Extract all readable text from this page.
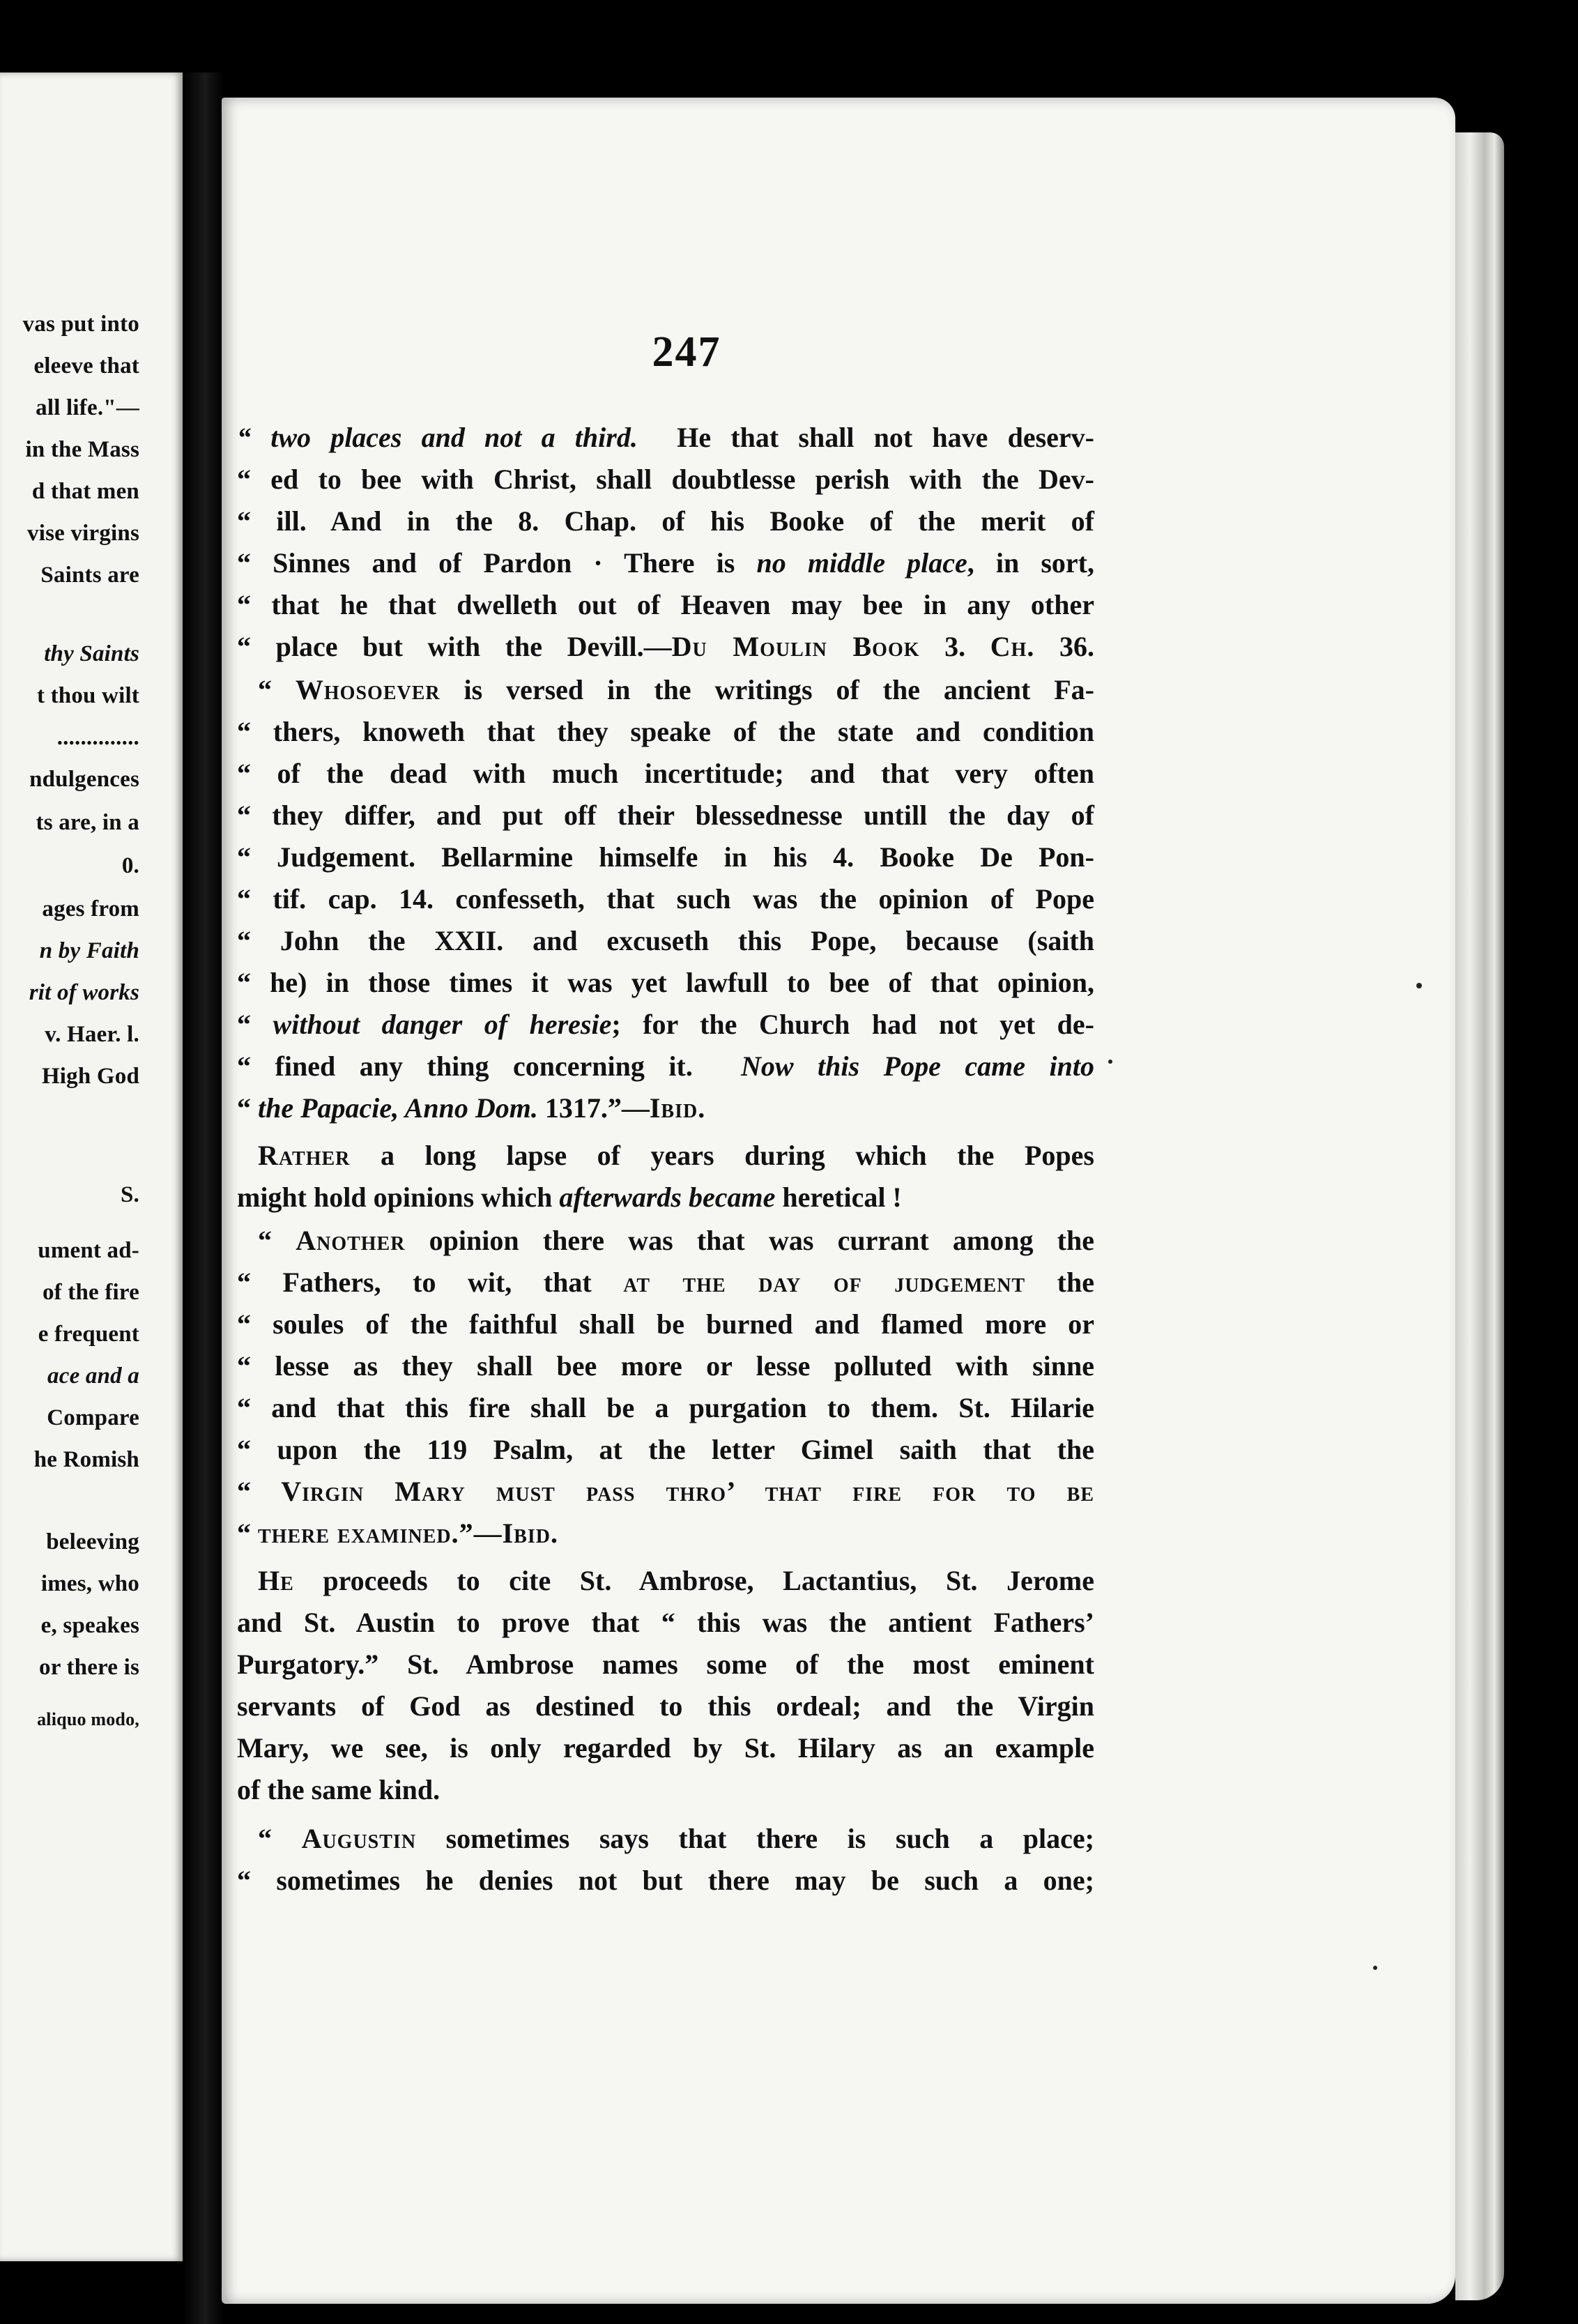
vas put into
eleeve that
all life."—
in the Mass
d that men
vise virgins
Saints are
thy Saints
t thou wilt
..............
ndulgences
ts are, in a
0.
ages from
n by Faith
rit of works
v. Haer. l.
High God
S.
ument ad-
of the fire
e frequent
ace and a
Compare
he Romish
beleeving
imes, who
e, speakes
or there is
aliquo modo,
247
“ two places and not a third.  He that shall not have deserv-
“ ed to bee with Christ, shall doubtlesse perish with the Dev-
“ ill. And in the 8. Chap. of his Booke of the merit of
“ Sinnes and of Pardon · There is no middle place, in sort,
“ that he that dwelleth out of Heaven may bee in any other
“ place but with the Devill.—Du Moulin Book 3. Ch. 36.
“ Whosoever is versed in the writings of the ancient Fa-
“ thers, knoweth that they speake of the state and condition
“ of the dead with much incertitude; and that very often
“ they differ, and put off their blessednesse untill the day of
“ Judgement. Bellarmine himselfe in his 4. Booke De Pon-
“ tif. cap. 14. confesseth, that such was the opinion of Pope
“ John the XXII. and excuseth this Pope, because (saith
“ he) in those times it was yet lawfull to bee of that opinion,
“ without danger of heresie; for the Church had not yet de-
“ fined any thing concerning it.  Now this Pope came into
“ the Papacie, Anno Dom. 1317.”—Ibid.
Rather a long lapse of years during which the Popes
might hold opinions which afterwards became heretical !
“ Another opinion there was that was currant among the
“ Fathers, to wit, that at the day of judgement the
“ soules of the faithful shall be burned and flamed more or
“ lesse as they shall bee more or lesse polluted with sinne
“ and that this fire shall be a purgation to them. St. Hilarie
“ upon the 119 Psalm, at the letter Gimel saith that the
“ Virgin Mary must pass thro’ that fire for to be
“ there examined.”—Ibid.
He proceeds to cite St. Ambrose, Lactantius, St. Jerome
and St. Austin to prove that “ this was the antient Fathers’
Purgatory.” St. Ambrose names some of the most eminent
servants of God as destined to this ordeal; and the Virgin
Mary, we see, is only regarded by St. Hilary as an example
of the same kind.
“ Augustin sometimes says that there is such a place;
“ sometimes he denies not but there may be such a one;
